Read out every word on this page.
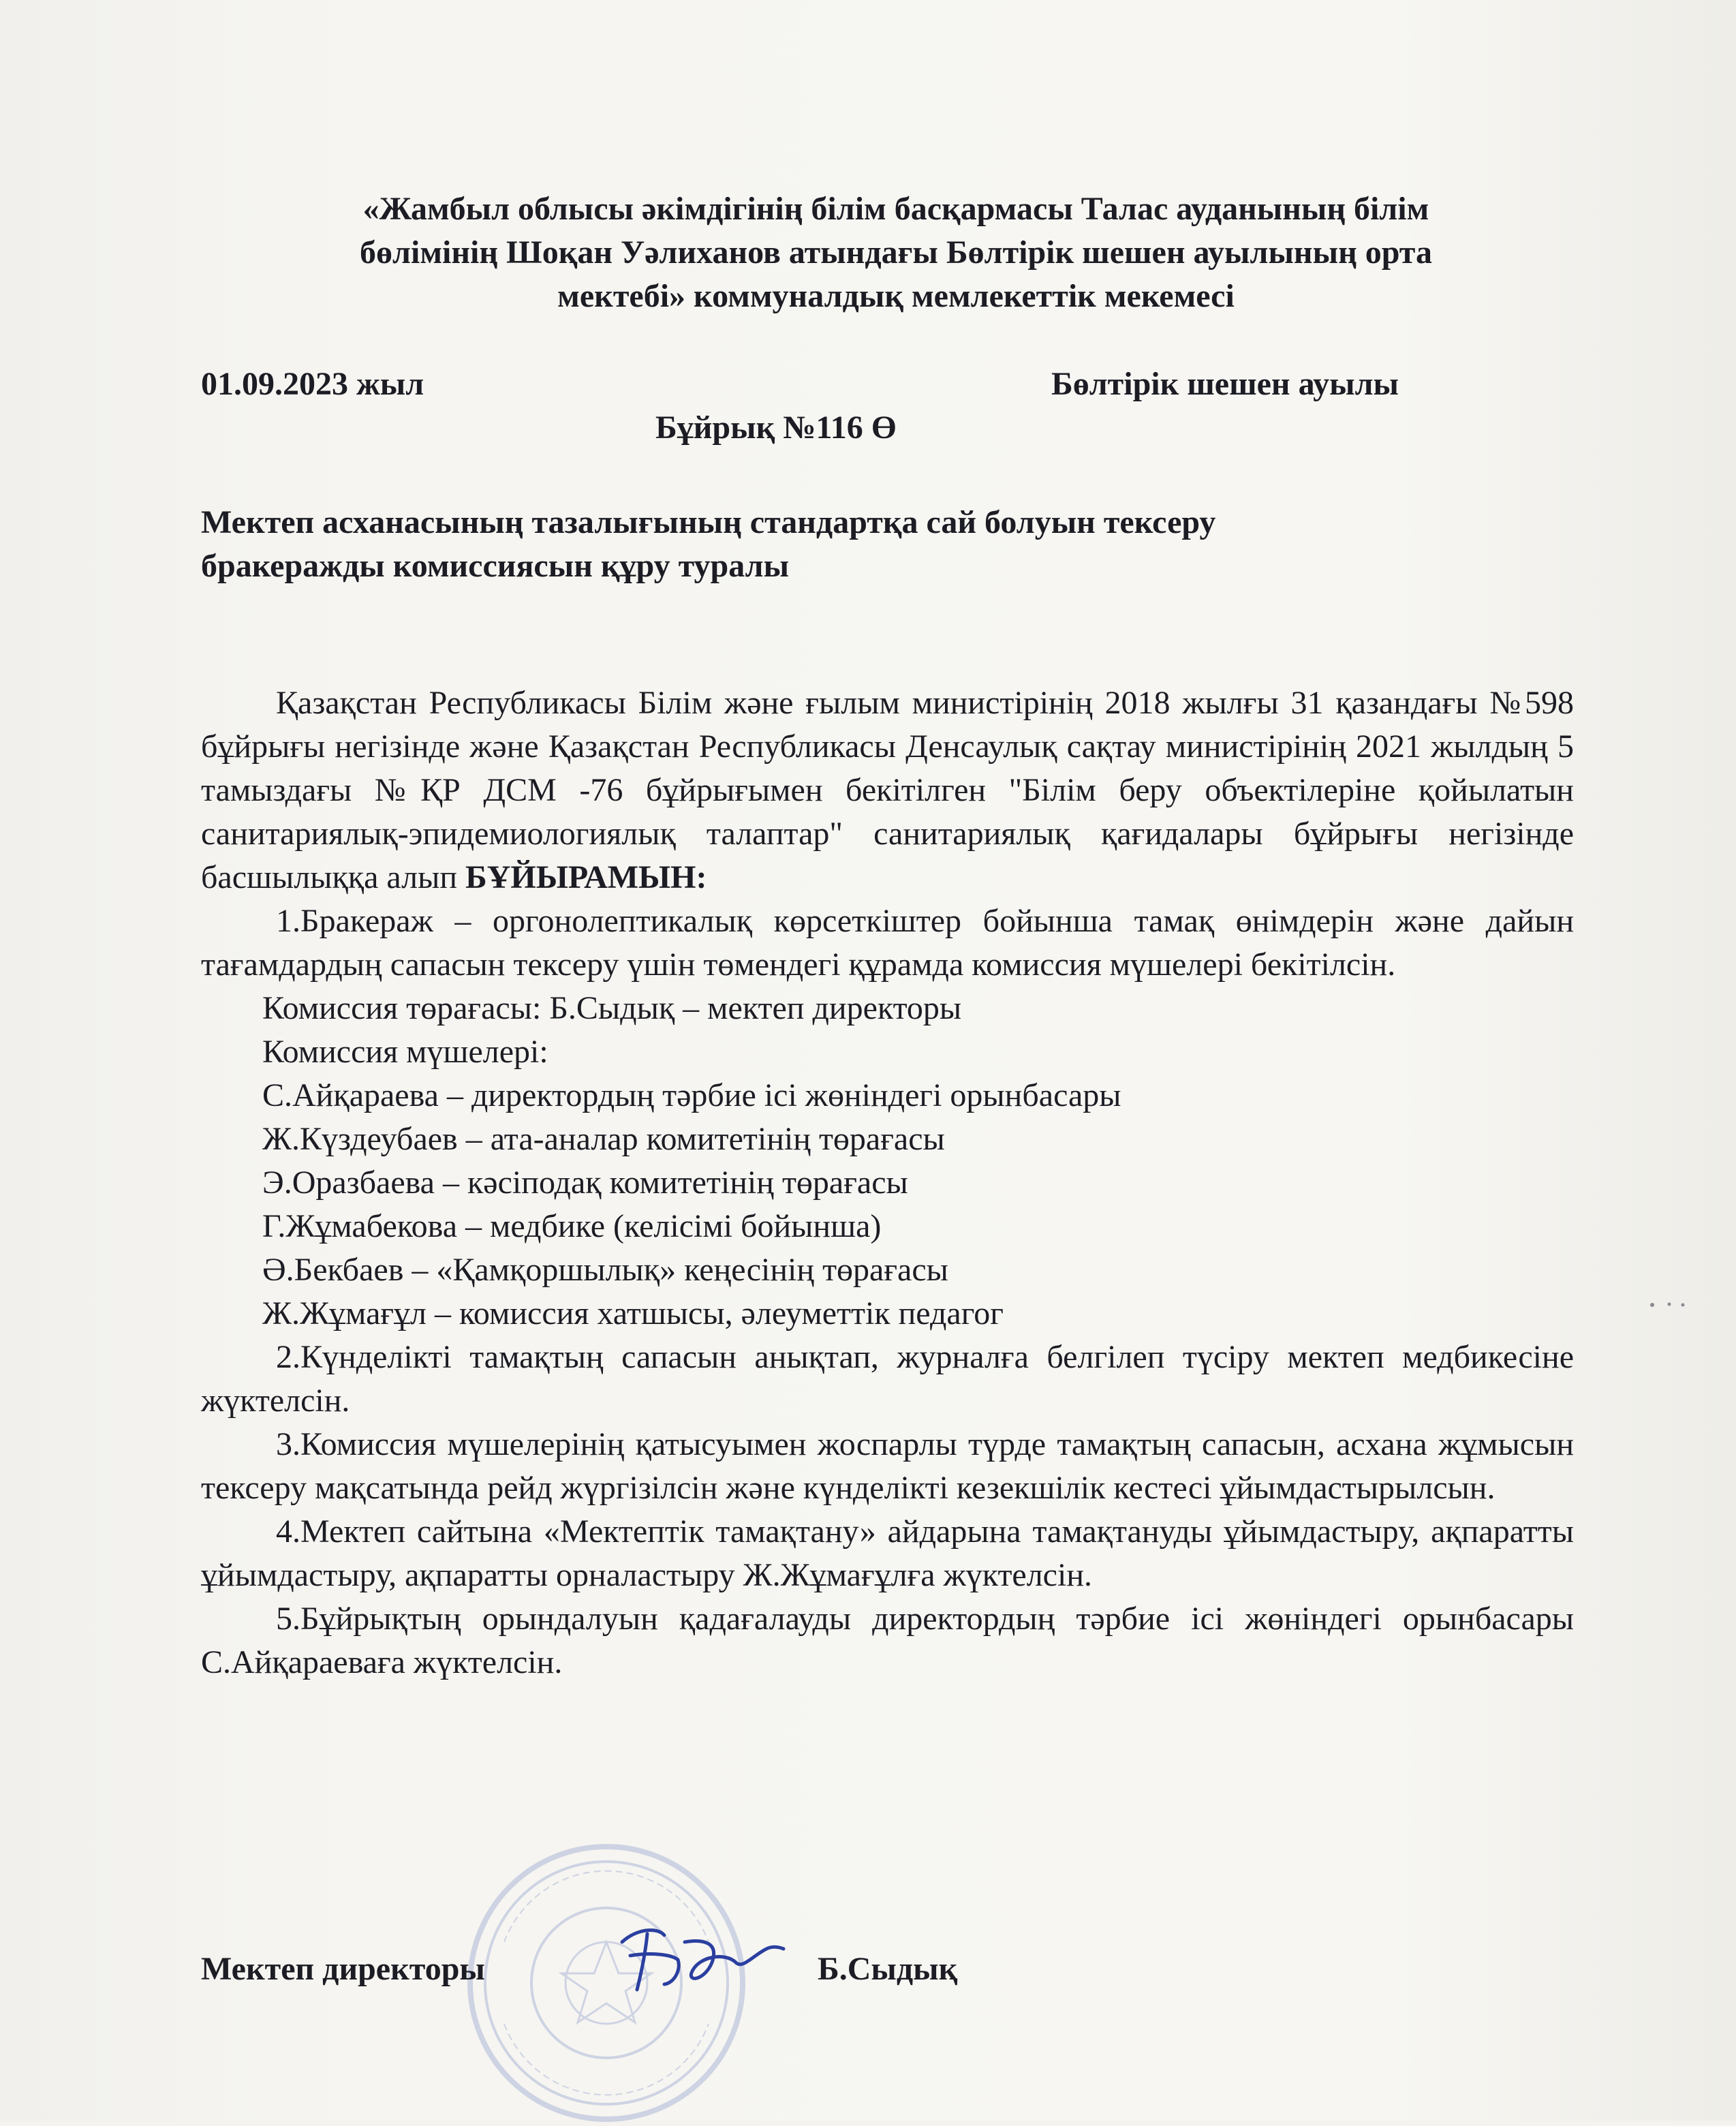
«Жамбыл облысы әкімдігінің білім басқармасы Талас ауданының білім
бөлімінің Шоқан Уәлиханов атындағы Бөлтірік шешен ауылының орта
мектебі» коммуналдық мемлекеттік мекемесі
01.09.2023 жыл	Бөлтірік шешен ауылы
Бұйрық №116 Ө
Мектеп асханасының тазалығының стандартқа сай болуын тексеру
бракеражды комиссиясын құру туралы

Қазақстан Республикасы Білім және ғылым министірінің 2018 жылғы 31 қазандағы №598 бұйрығы негізінде және Қазақстан Республикасы Денсаулық сақтау министірінің 2021 жылдың 5 тамыздағы №ҚР ДСМ -76 бұйрығымен бекітілген "Білім беру объектілеріне қойылатын санитариялық-эпидемиологиялық талаптар" санитариялық қағидалары бұйрығы негізінде басшылыққа алып БҰЙЫРАМЫН:

1.Бракераж – оргонолептикалық көрсеткіштер бойынша тамақ өнімдерін және дайын тағамдардың сапасын тексеру үшін төмендегі құрамда комиссия мүшелері бекітілсін.

Комиссия төрағасы: Б.Сыдық – мектеп директоры
Комиссия мүшелері:
С.Айқараева – директордың тәрбие ісі жөніндегі орынбасары
Ж.Күздеубаев – ата-аналар комитетінің төрағасы
Э.Оразбаева – кәсіподақ комитетінің төрағасы
Г.Жұмабекова – медбике (келісімі бойынша)
Ә.Бекбаев – «Қамқоршылық» кеңесінің төрағасы
Ж.Жұмағұл – комиссия хатшысы, әлеуметтік педагог

2.Күнделікті тамақтың сапасын анықтап, журналға белгілеп түсіру мектеп медбикесіне жүктелсін.

3.Комиссия мүшелерінің қатысуымен жоспарлы түрде тамақтың сапасын, асхана жұмысын тексеру мақсатында рейд жүргізілсін және күнделікті кезекшілік кестесі ұйымдастырылсын.

4.Мектеп сайтына «Мектептік тамақтану» айдарына тамақтануды ұйымдастыру, ақпаратты ұйымдастыру, ақпаратты орналастыру Ж.Жұмағұлға жүктелсін.

5.Бұйрықтың орындалуын қадағалауды директордың тәрбие ісі жөніндегі орынбасары С.Айқараеваға жүктелсін.

Мектеп директоры	Б.Сыдық
